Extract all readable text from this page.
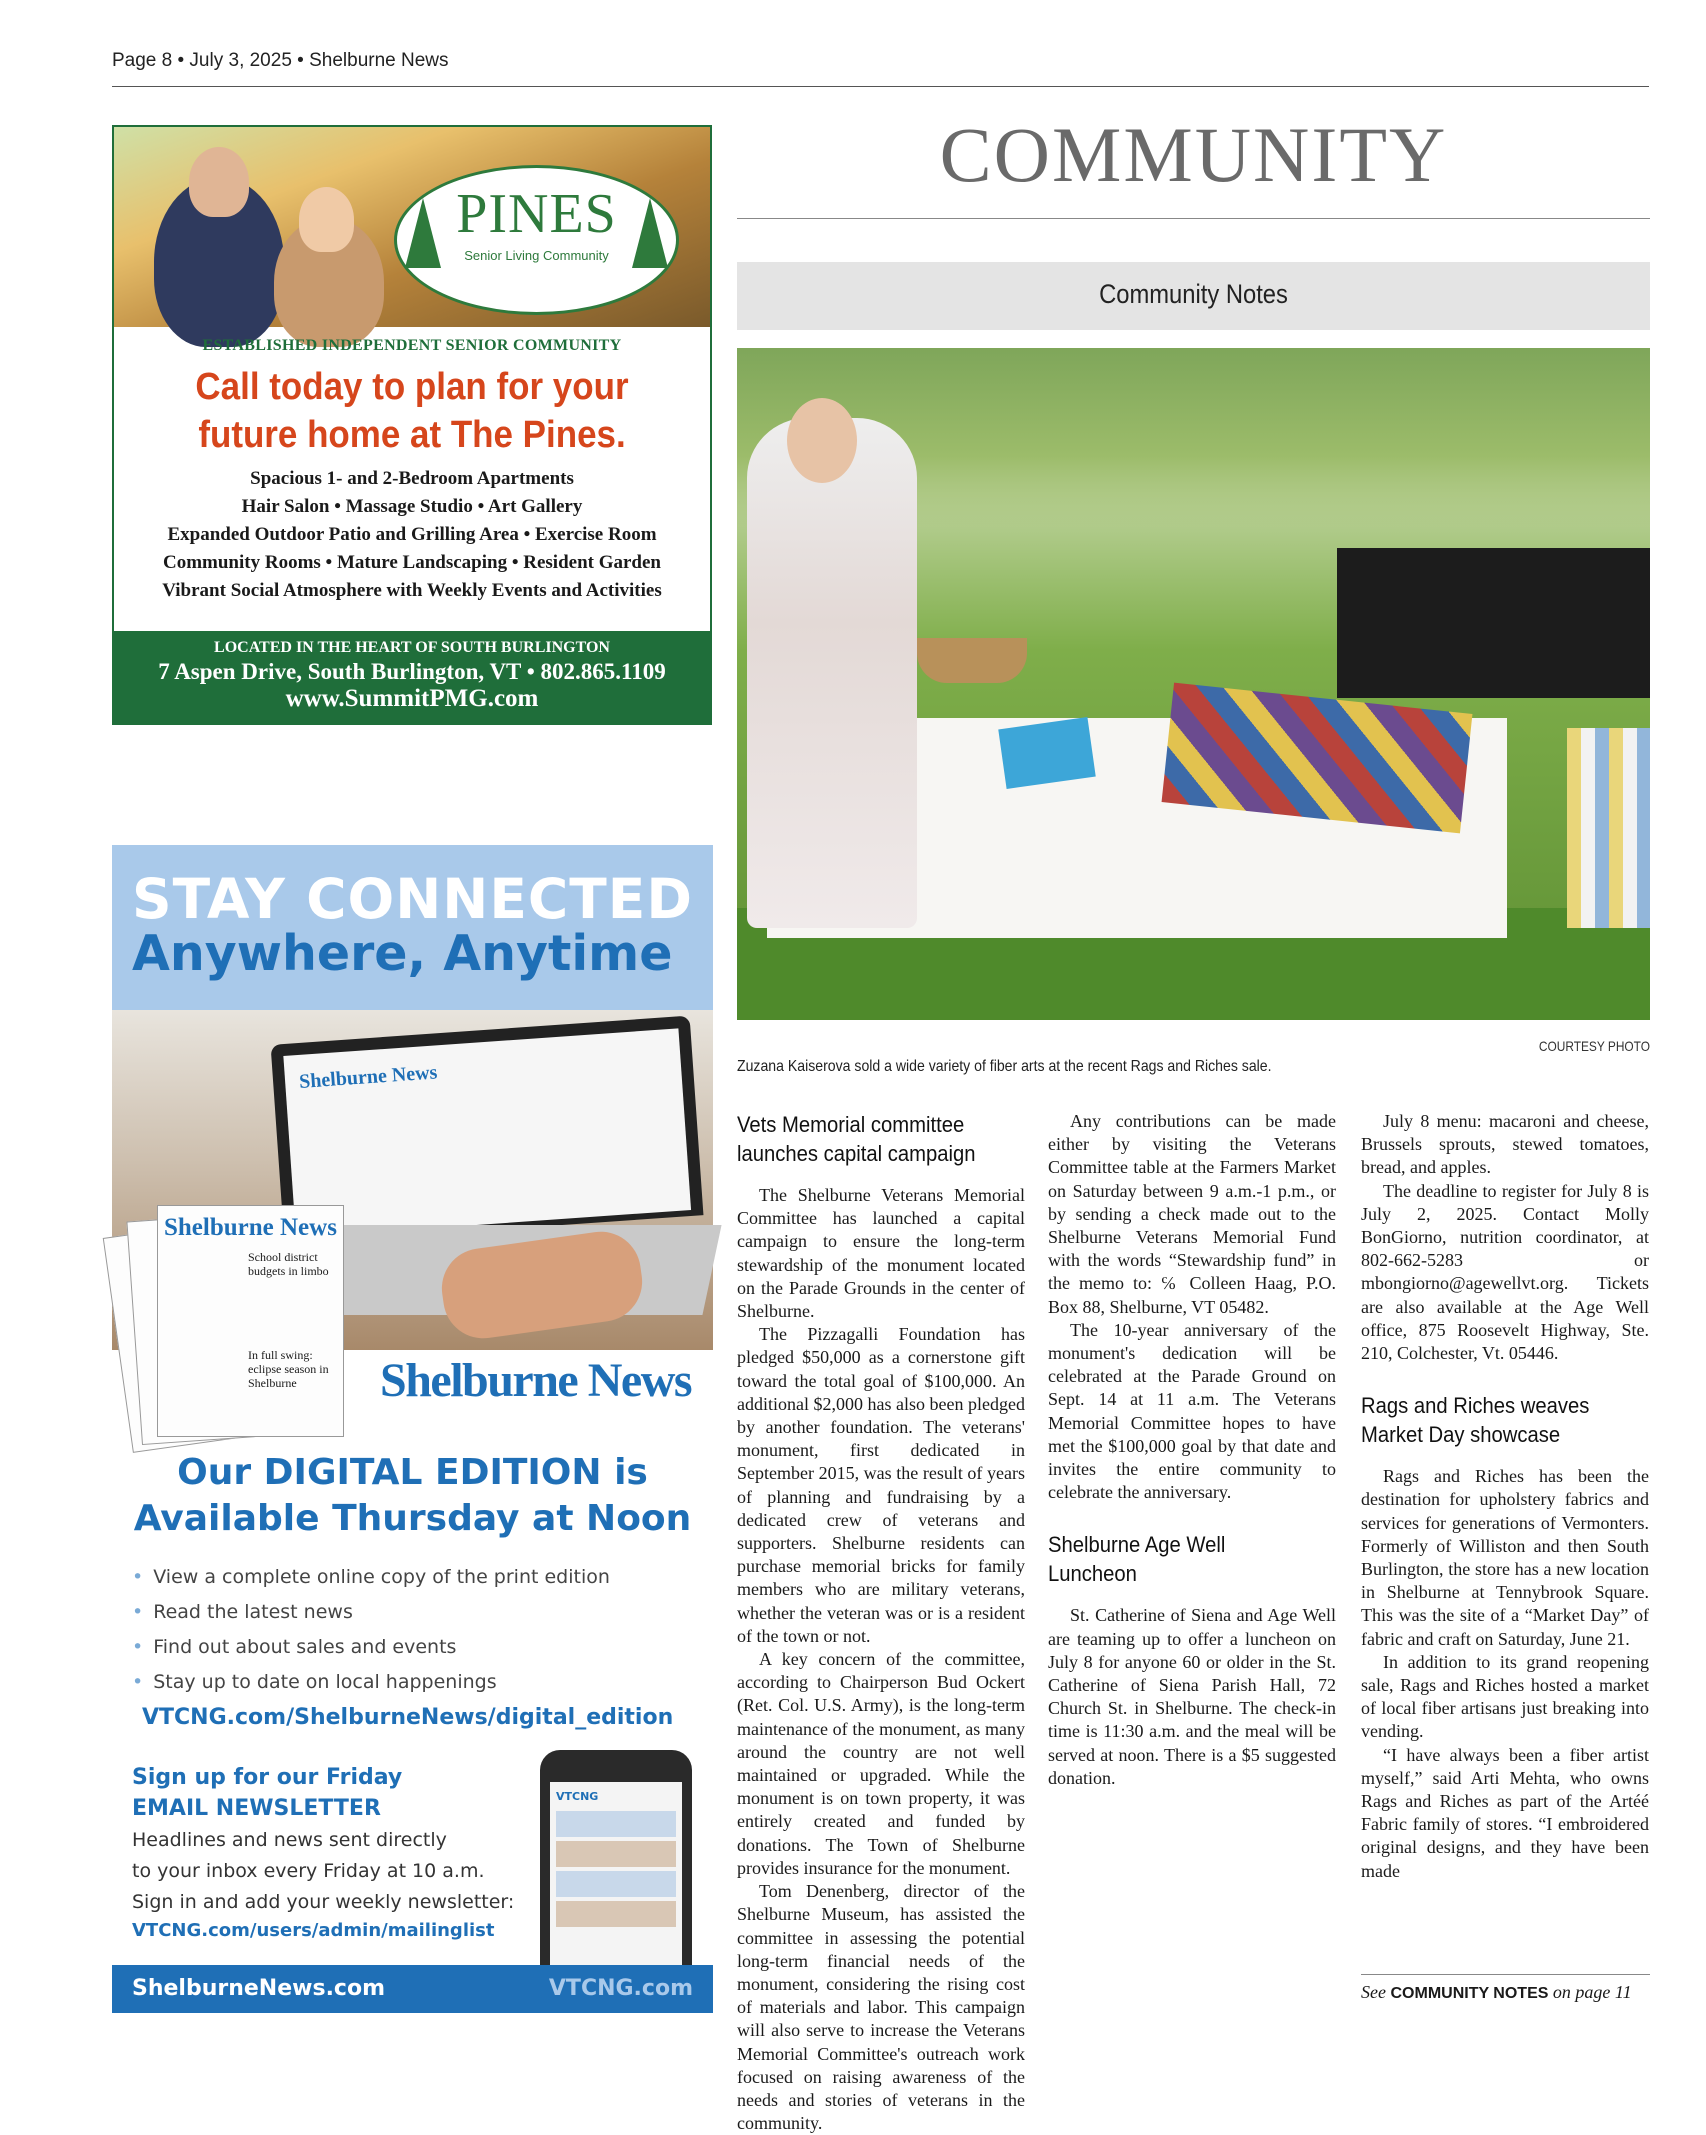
Page 8 • July 3, 2025 • Shelburne News
PINES
Senior Living Community
ESTABLISHED INDEPENDENT SENIOR COMMUNITY
Call today to plan for your
future home at The Pines.
Spacious 1- and 2-Bedroom Apartments
Hair Salon • Massage Studio • Art Gallery
Expanded Outdoor Patio and Grilling Area • Exercise Room
Community Rooms • Mature Landscaping • Resident Garden
Vibrant Social Atmosphere with Weekly Events and Activities
LOCATED IN THE HEART OF SOUTH BURLINGTON
7 Aspen Drive, South Burlington, VT • 802.865.1109
www.SummitPMG.com
STAY CONNECTED
Anywhere, Anytime
Shelburne News
Shelburne News
School district budgets in limbo
In full swing: eclipse season in Shelburne	Shelburne News
Our DIGITAL EDITION is
Available Thursday at Noon
• View a complete online copy of the print edition
• Read the latest news
• Find out about sales and events
• Stay up to date on local happenings
VTCNG.com/ShelburneNews/digital_edition
Sign up for our Friday
EMAIL NEWSLETTER
Headlines and news sent directly
to your inbox every Friday at 10 a.m.
Sign in and add your weekly newsletter:
VTCNG.com/users/admin/mailinglist
VTCNG
ShelburneNews.com	VTCNG.com
COMMUNITY
Community Notes
COURTESY PHOTO
Zuzana Kaiserova sold a wide variety of fiber arts at the recent Rags and Riches sale.
Vets Memorial committee launches capital campaign

The Shelburne Veterans Memorial Committee has launched a capital campaign to ensure the long-term stewardship of the monument located on the Parade Grounds in the center of Shelburne.

The Pizzagalli Foundation has pledged $50,000 as a cornerstone gift toward the total goal of $100,000. An additional $2,000 has also been pledged by another foundation. The veterans' monument, first dedicated in September 2015, was the result of years of planning and fundraising by a dedicated crew of veterans and supporters. Shelburne residents can purchase memorial bricks for family members who are military veterans, whether the veteran was or is a resident of the town or not.

A key concern of the committee, according to Chairperson Bud Ockert (Ret. Col. U.S. Army), is the long-term maintenance of the monument, as many around the country are not well maintained or upgraded. While the monument is on town property, it was entirely created and funded by donations. The Town of Shelburne provides insurance for the monument.

Tom Denenberg, director of the Shelburne Museum, has assisted the committee in assessing the potential long-term financial needs of the monument, considering the rising cost of materials and labor. This campaign will also serve to increase the Veterans Memorial Committee's outreach work focused on raising awareness of the needs and stories of veterans in the community.

Any contributions can be made either by visiting the Veterans Committee table at the Farmers Market on Saturday between 9 a.m.-1 p.m., or by sending a check made out to the Shelburne Veterans Memorial Fund with the words “Stewardship fund” in the memo to: ℅ Colleen Haag, P.O. Box 88, Shelburne, VT 05482.

The 10-year anniversary of the monument's dedication will be celebrated at the Parade Ground on Sept. 14 at 11 a.m. The Veterans Memorial Committee hopes to have met the $100,000 goal by that date and invites the entire community to celebrate the anniversary.

Shelburne Age Well Luncheon

St. Catherine of Siena and Age Well are teaming up to offer a luncheon on July 8 for anyone 60 or older in the St. Catherine of Siena Parish Hall, 72 Church St. in Shelburne. The check-in time is 11:30 a.m. and the meal will be served at noon. There is a $5 suggested donation.

July 8 menu: macaroni and cheese, Brussels sprouts, stewed tomatoes, bread, and apples.

The deadline to register for July 8 is July 2, 2025. Contact Molly BonGiorno, nutrition coordinator, at 802-662-5283 or mbongiorno@agewellvt.org. Tickets are also available at the Age Well office, 875 Roosevelt Highway, Ste. 210, Colchester, Vt. 05446.

Rags and Riches weaves Market Day showcase

Rags and Riches has been the destination for upholstery fabrics and services for generations of Vermonters. Formerly of Williston and then South Burlington, the store has a new location in Shelburne at Tennybrook Square. This was the site of a “Market Day” of fabric and craft on Saturday, June 21.

In addition to its grand reopening sale, Rags and Riches hosted a market of local fiber artisans just breaking into vending.

“I have always been a fiber artist myself,” said Arti Mehta, who owns Rags and Riches as part of the Artéé Fabric family of stores. “I embroidered original designs, and they have been made

See COMMUNITY NOTES on page 11
